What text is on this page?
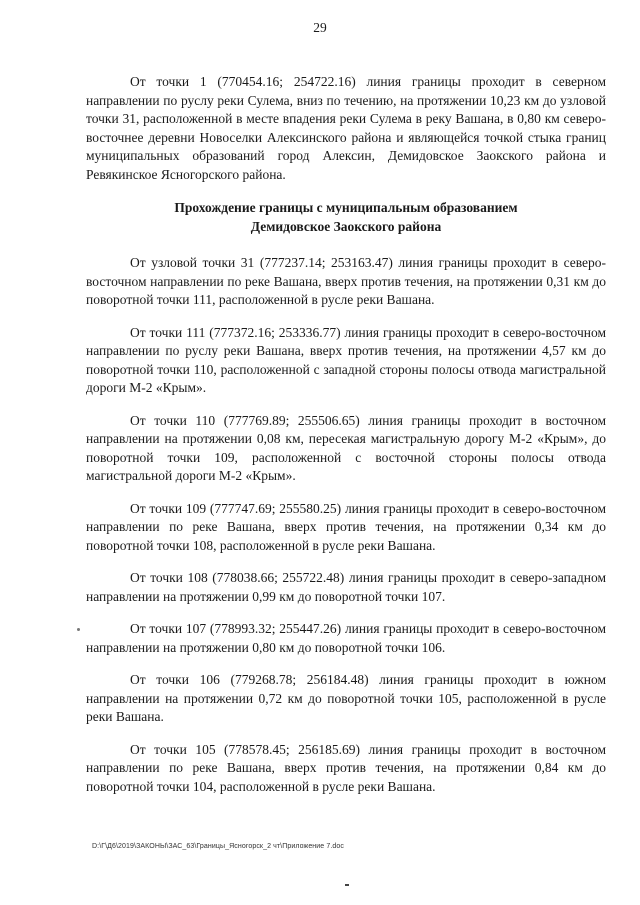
29

От точки 1 (770454.16; 254722.16) линия границы проходит в северном направлении по руслу реки Сулема, вниз по течению, на протяжении 10,23 км до узловой точки 31, расположенной в месте впадения реки Сулема в реку Вашана, в 0,80 км северо-восточнее деревни Новоселки Алексинского района и являющейся точкой стыка границ муниципальных образований город Алексин, Демидовское Заокского района и Ревякинское Ясногорского района.

Прохождение границы с муниципальным образованием
Демидовское Заокского района

От узловой точки 31 (777237.14; 253163.47) линия границы проходит в северо-восточном направлении по реке Вашана, вверх против течения, на протяжении 0,31 км до поворотной точки 111, расположенной в русле реки Вашана.

От точки 111 (777372.16; 253336.77) линия границы проходит в северо-восточном направлении по руслу реки Вашана, вверх против течения, на протяжении 4,57 км до поворотной точки 110, расположенной с западной стороны полосы отвода магистральной дороги М-2 «Крым».

От точки 110 (777769.89; 255506.65) линия границы проходит в восточном направлении на протяжении 0,08 км, пересекая магистральную дорогу М-2 «Крым», до поворотной точки 109, расположенной с восточной стороны полосы отвода магистральной дороги М-2 «Крым».

От точки 109 (777747.69; 255580.25) линия границы проходит в северо-восточном направлении по реке Вашана, вверх против течения, на протяжении 0,34 км до поворотной точки 108, расположенной в русле реки Вашана.

От точки 108 (778038.66; 255722.48) линия границы проходит в северо-западном направлении на протяжении 0,99 км до поворотной точки 107.

От точки 107 (778993.32; 255447.26) линия границы проходит в северо-восточном направлении на протяжении 0,80 км до поворотной точки 106.

От точки 106 (779268.78; 256184.48) линия границы проходит в южном направлении на протяжении 0,72 км до поворотной точки 105, расположенной в русле реки Вашана.

От точки 105 (778578.45; 256185.69) линия границы проходит в восточном направлении по реке Вашана, вверх против течения, на протяжении 0,84 км до поворотной точки 104, расположенной в русле реки Вашана.

D:\Г\Д6\2019\ЗАКОНЫ\ЗАС_63\Границы_Ясногорск_2 чт\Приложение 7.doc
